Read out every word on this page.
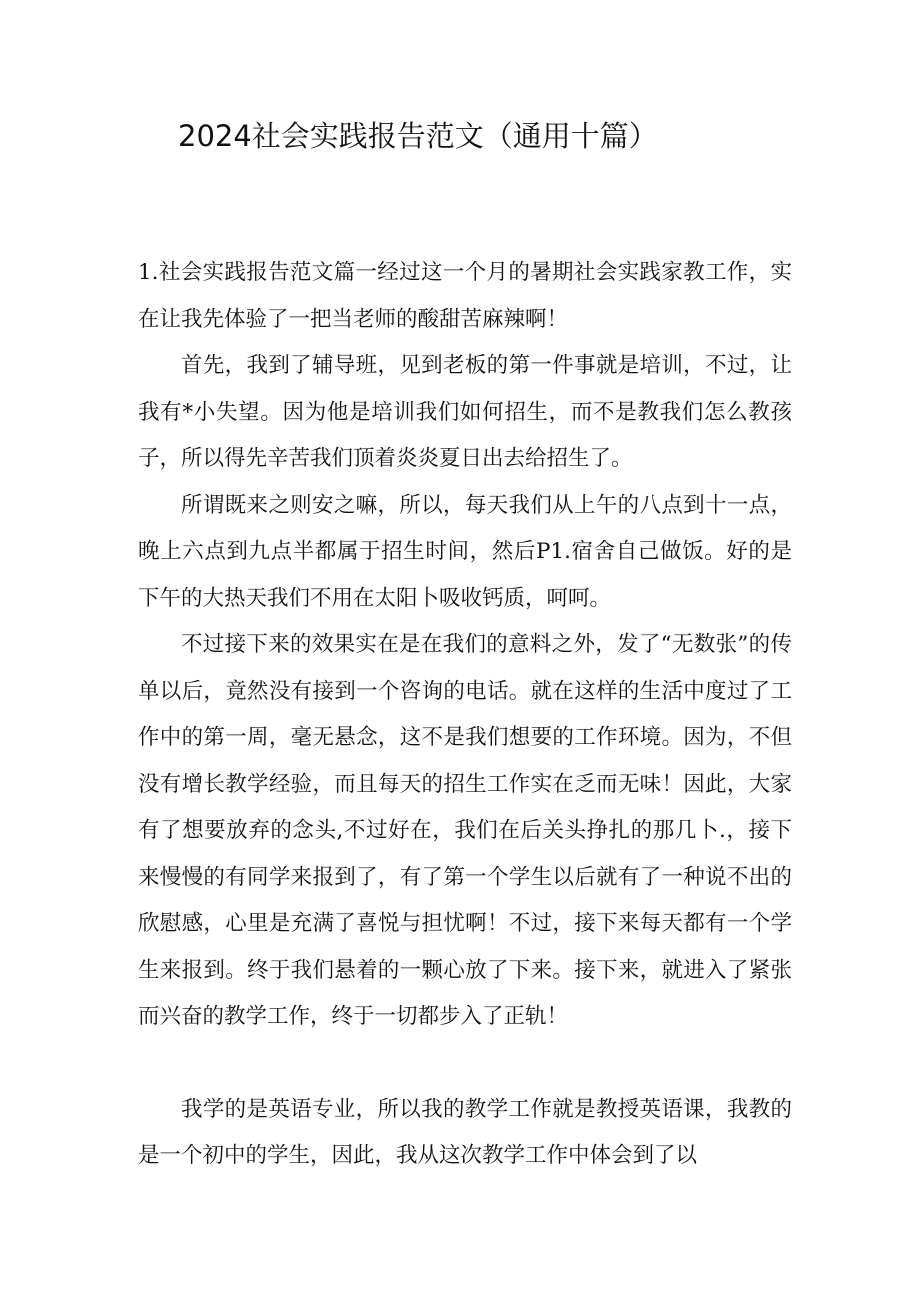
2024社会实践报告范文（通用十篇）

1.社会实践报告范文篇一经过这一个月的暑期社会实践家教工作，实在让我先体验了一把当老师的酸甜苦麻辣啊！

首先，我到了辅导班，见到老板的第一件事就是培训，不过，让我有*小失望。因为他是培训我们如何招生，而不是教我们怎么教孩子，所以得先辛苦我们顶着炎炎夏日出去给招生了。

所谓既来之则安之嘛，所以，每天我们从上午的八点到十一点，晚上六点到九点半都属于招生时间，然后P1.宿舍自己做饭。好的是下午的大热天我们不用在太阳卜吸收钙质，呵呵。

不过接下来的效果实在是在我们的意料之外，发了“无数张”的传单以后，竟然没有接到一个咨询的电话。就在这样的生活中度过了工作中的第一周，毫无悬念，这不是我们想要的工作环境。因为，不但没有增长教学经验，而且每天的招生工作实在乏而无味！因此，大家有了想要放弃的念头,不过好在，我们在后关头挣扎的那几卜.，接下来慢慢的有同学来报到了，有了第一个学生以后就有了一种说不出的欣慰感，心里是充满了喜悦与担忧啊！不过，接下来每天都有一个学生来报到。终于我们悬着的一颗心放了下来。接下来，就进入了紧张而兴奋的教学工作，终于一切都步入了正轨！

我学的是英语专业，所以我的教学工作就是教授英语课，我教的是一个初中的学生，因此，我从这次教学工作中体会到了以
